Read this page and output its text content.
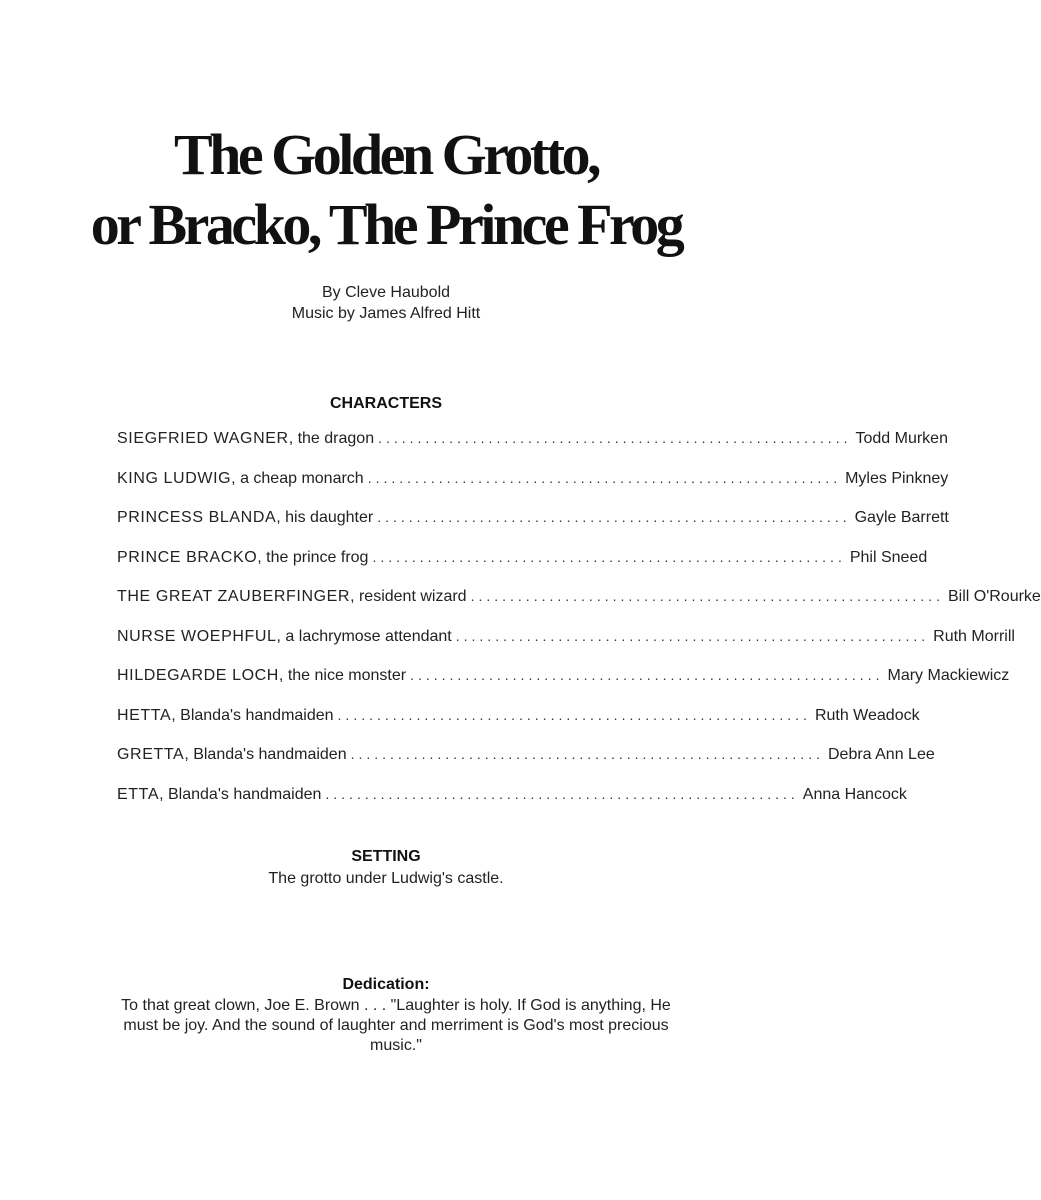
The Golden Grotto,
or Bracko, The Prince Frog
By Cleve Haubold
Music by James Alfred Hitt
CHARACTERS
SIEGFRIED WAGNER, the dragon ............................................................ Todd Murken
KING LUDWIG, a cheap monarch ............................................................ Myles Pinkney
PRINCESS BLANDA, his daughter ............................................................ Gayle Barrett
PRINCE BRACKO, the prince frog ............................................................ Phil Sneed
THE GREAT ZAUBERFINGER, resident wizard ............................................................ Bill O'Rourke
NURSE WOEPHFUL, a lachrymose attendant ............................................................ Ruth Morrill
HILDEGARDE LOCH, the nice monster ............................................................ Mary Mackiewicz
HETTA, Blanda's handmaiden ............................................................ Ruth Weadock
GRETTA, Blanda's handmaiden ............................................................ Debra Ann Lee
ETTA, Blanda's handmaiden ............................................................ Anna Hancock
SETTING
The grotto under Ludwig's castle.
Dedication:
To that great clown, Joe E. Brown . . . "Laughter is holy. If God is anything, He must be joy. And the sound of laughter and merriment is God's most precious music."
